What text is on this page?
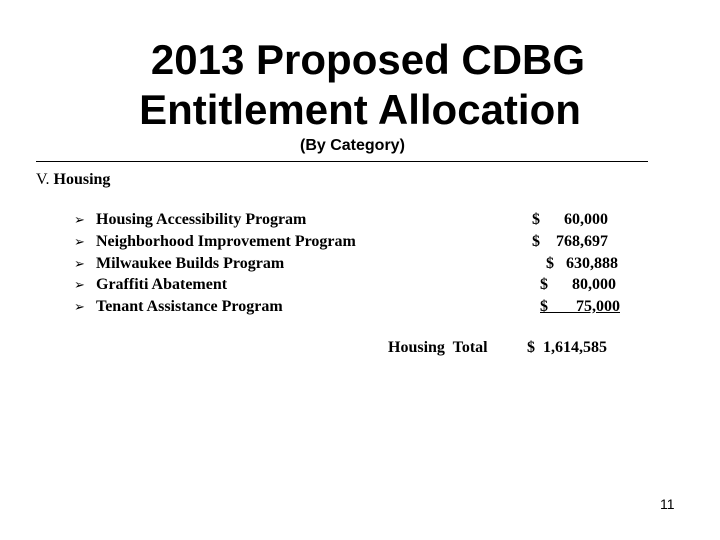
2013 Proposed CDBG
Entitlement Allocation
(By Category)
V. Housing
➢ Housing Accessibility Program	$      60,000
➢ Neighborhood Improvement Program	$    768,697
➢ Milwaukee Builds Program	$   630,888
➢ Graffiti Abatement	$      80,000
➢ Tenant Assistance Program	$       75,000
Housing  Total $  1,614,585
11
